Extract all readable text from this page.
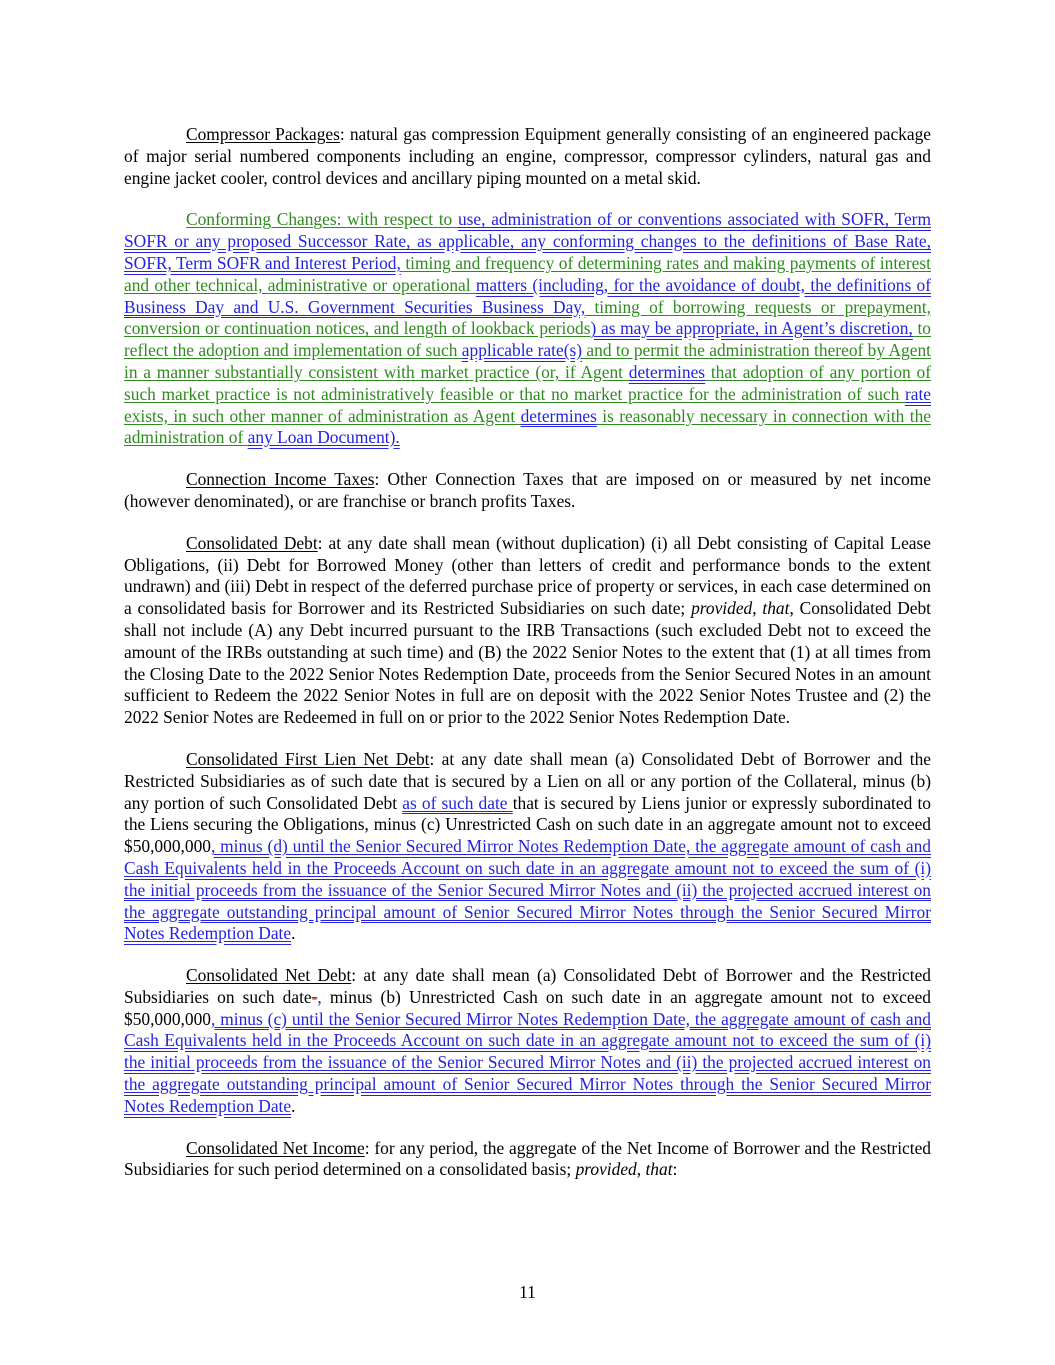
Compressor Packages: natural gas compression Equipment generally consisting of an engineered package of major serial numbered components including an engine, compressor, compressor cylinders, natural gas and engine jacket cooler, control devices and ancillary piping mounted on a metal skid.

Conforming Changes: with respect to use, administration of or conventions associated with SOFR, Term SOFR or any proposed Successor Rate, as applicable, any conforming changes to the definitions of Base Rate, SOFR, Term SOFR and Interest Period, timing and frequency of determining rates and making payments of interest and other technical, administrative or operational matters (including, for the avoidance of doubt, the definitions of Business Day and U.S. Government Securities Business Day, timing of borrowing requests or prepayment, conversion or continuation notices, and length of lookback periods) as may be appropriate, in Agent’s discretion, to reflect the adoption and implementation of such applicable rate(s) and to permit the administration thereof by Agent in a manner substantially consistent with market practice (or, if Agent determines that adoption of any portion of such market practice is not administratively feasible or that no market practice for the administration of such rate exists, in such other manner of administration as Agent determines is reasonably necessary in connection with the administration of any Loan Document).

Connection Income Taxes: Other Connection Taxes that are imposed on or measured by net income (however denominated), or are franchise or branch profits Taxes.

Consolidated Debt: at any date shall mean (without duplication) (i) all Debt consisting of Capital Lease Obligations, (ii) Debt for Borrowed Money (other than letters of credit and performance bonds to the extent undrawn) and (iii) Debt in respect of the deferred purchase price of property or services, in each case determined on a consolidated basis for Borrower and its Restricted Subsidiaries on such date; provided, that, Consolidated Debt shall not include (A) any Debt incurred pursuant to the IRB Transactions (such excluded Debt not to exceed the amount of the IRBs outstanding at such time) and (B) the 2022 Senior Notes to the extent that (1) at all times from the Closing Date to the 2022 Senior Notes Redemption Date, proceeds from the Senior Secured Notes in an amount sufficient to Redeem the 2022 Senior Notes in full are on deposit with the 2022 Senior Notes Trustee and (2) the 2022 Senior Notes are Redeemed in full on or prior to the 2022 Senior Notes Redemption Date.

Consolidated First Lien Net Debt: at any date shall mean (a) Consolidated Debt of Borrower and the Restricted Subsidiaries as of such date that is secured by a Lien on all or any portion of the Collateral, minus (b) any portion of such Consolidated Debt as of such date that is secured by Liens junior or expressly subordinated to the Liens securing the Obligations, minus (c) Unrestricted Cash on such date in an aggregate amount not to exceed $50,000,000, minus (d) until the Senior Secured Mirror Notes Redemption Date, the aggregate amount of cash and Cash Equivalents held in the Proceeds Account on such date in an aggregate amount not to exceed the sum of (i) the initial proceeds from the issuance of the Senior Secured Mirror Notes and (ii) the projected accrued interest on the aggregate outstanding principal amount of Senior Secured Mirror Notes through the Senior Secured Mirror Notes Redemption Date.

Consolidated Net Debt: at any date shall mean (a) Consolidated Debt of Borrower and the Restricted Subsidiaries on such date-, minus (b) Unrestricted Cash on such date in an aggregate amount not to exceed $50,000,000, minus (c) until the Senior Secured Mirror Notes Redemption Date, the aggregate amount of cash and Cash Equivalents held in the Proceeds Account on such date in an aggregate amount not to exceed the sum of (i) the initial proceeds from the issuance of the Senior Secured Mirror Notes and (ii) the projected accrued interest on the aggregate outstanding principal amount of Senior Secured Mirror Notes through the Senior Secured Mirror Notes Redemption Date.

Consolidated Net Income: for any period, the aggregate of the Net Income of Borrower and the Restricted Subsidiaries for such period determined on a consolidated basis; provided, that:

11
